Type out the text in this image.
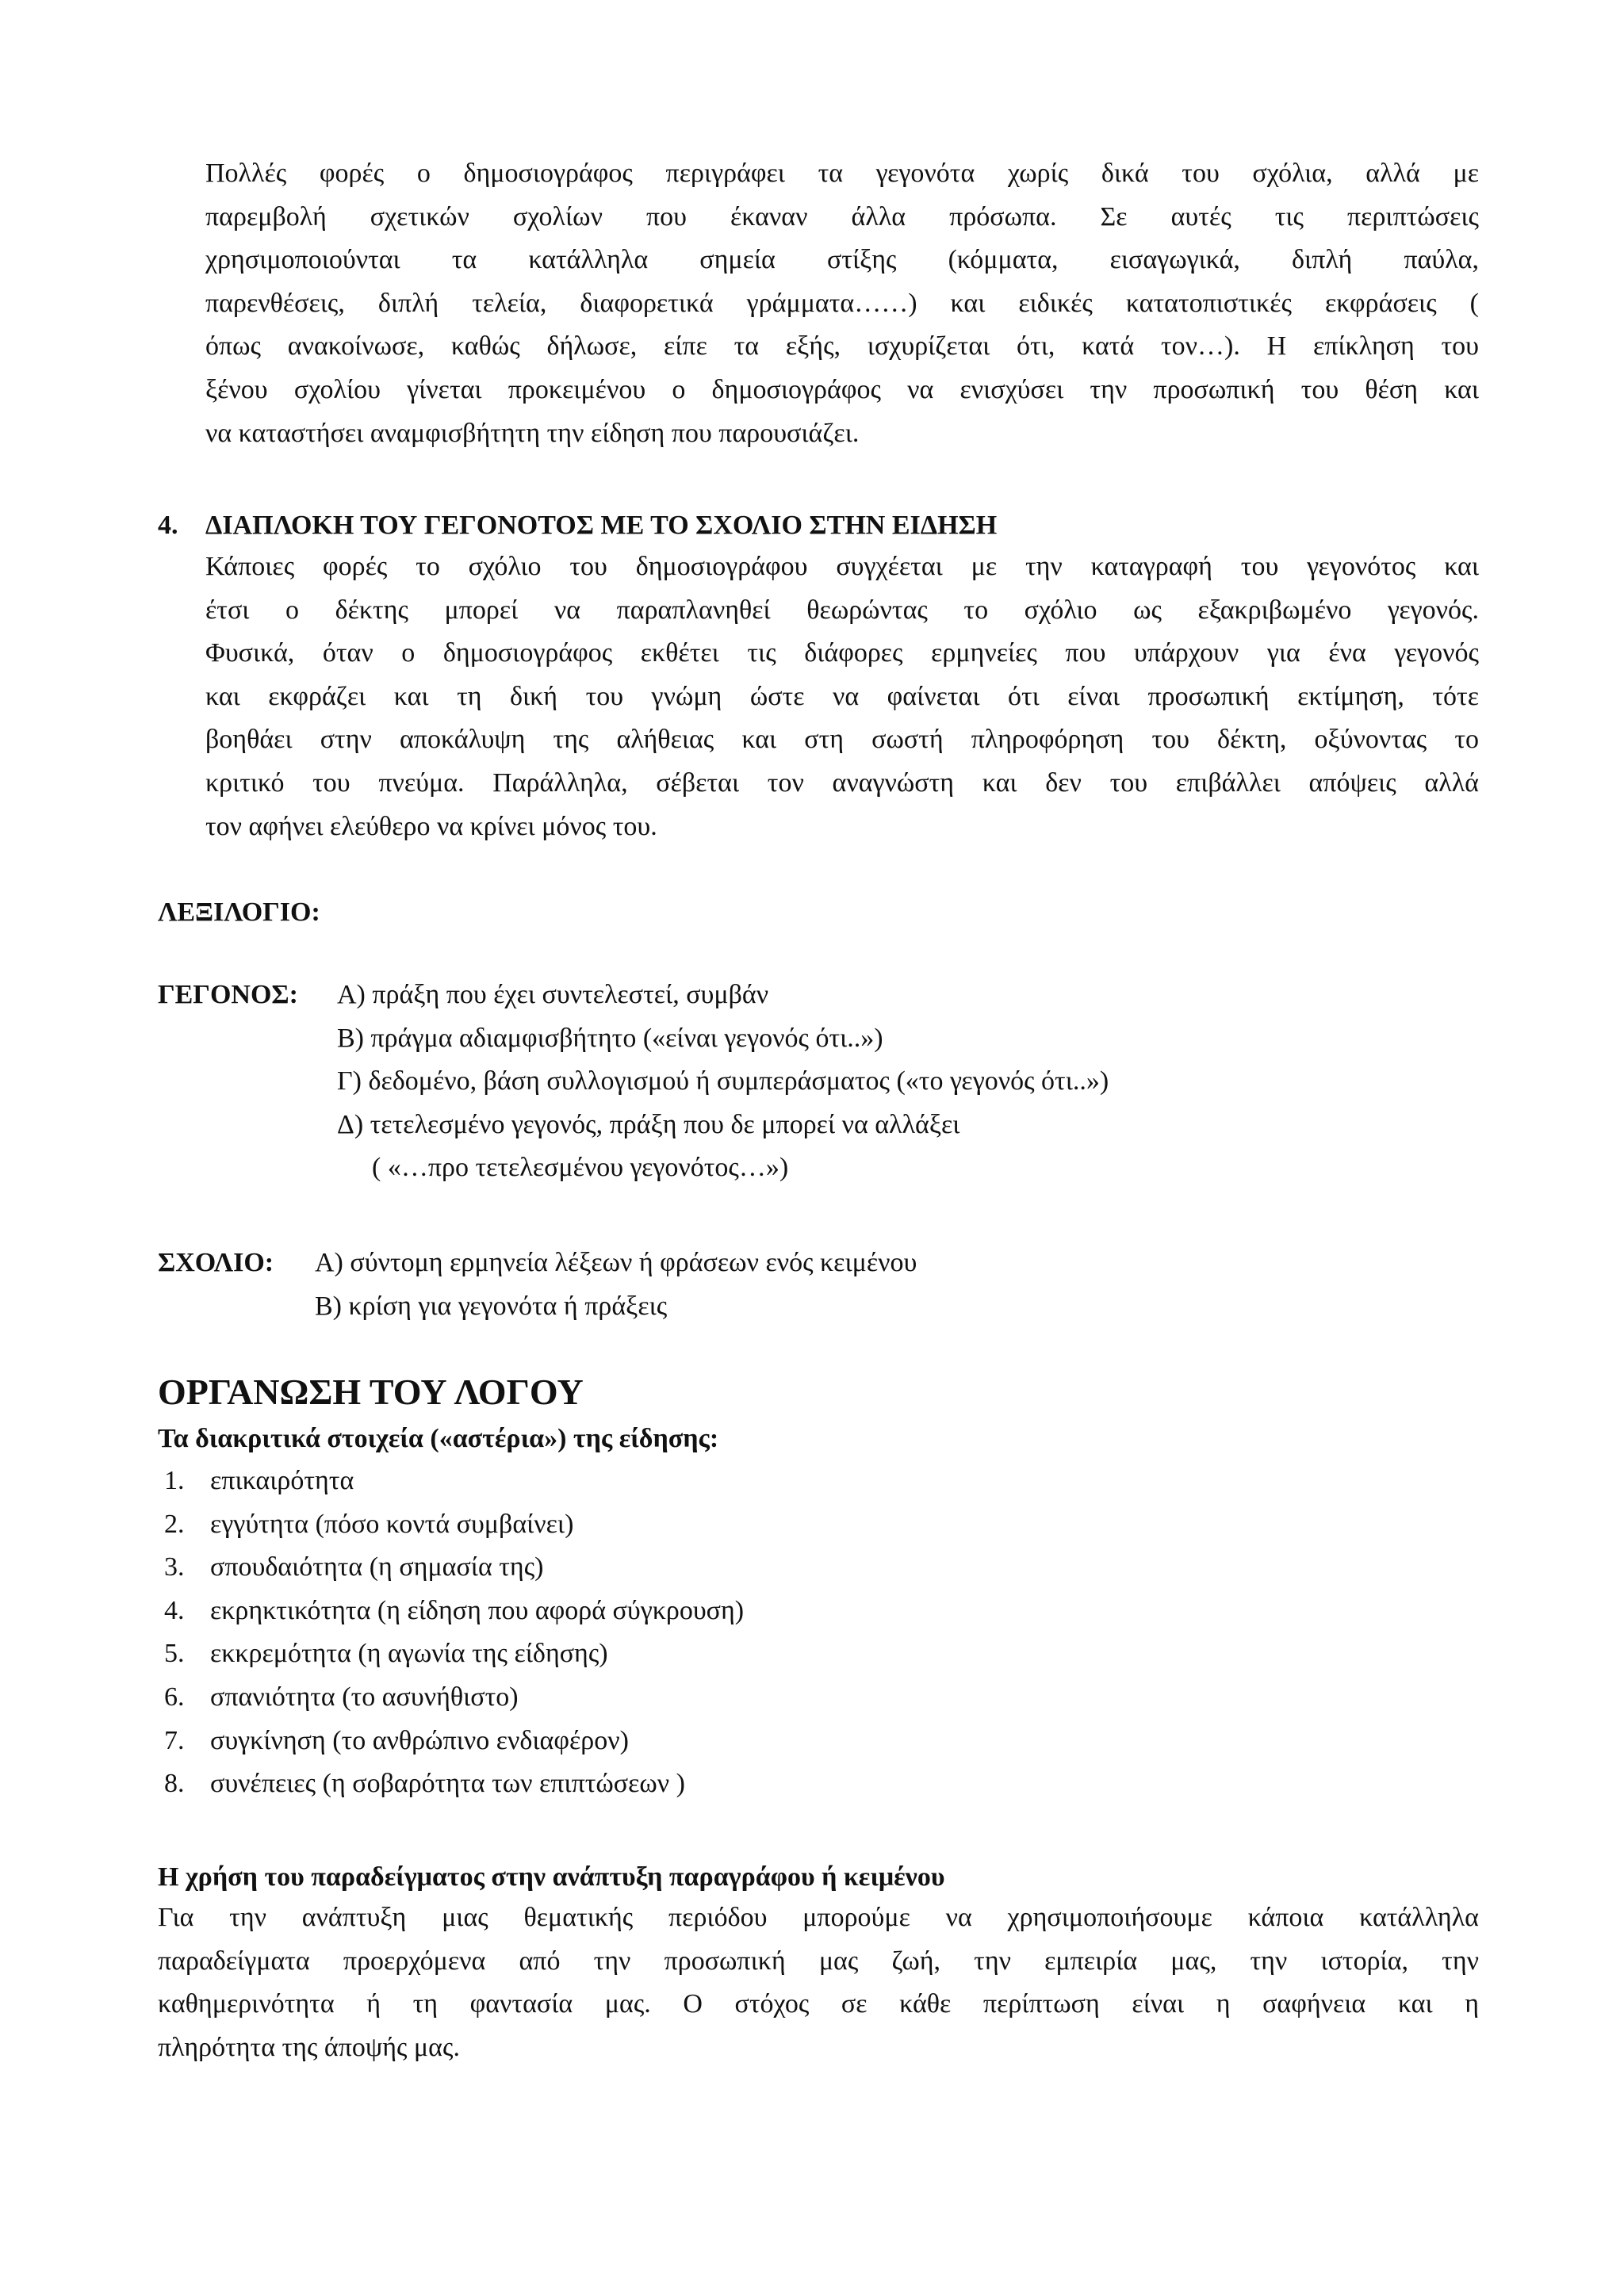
Πολλές φορές ο δημοσιογράφος περιγράφει τα γεγονότα χωρίς δικά του σχόλια, αλλά με
παρεμβολή σχετικών σχολίων που έκαναν άλλα πρόσωπα. Σε αυτές τις περιπτώσεις
χρησιμοποιούνται τα κατάλληλα σημεία στίξης (κόμματα, εισαγωγικά, διπλή παύλα,
παρενθέσεις, διπλή τελεία, διαφορετικά γράμματα……) και ειδικές κατατοπιστικές εκφράσεις (
όπως ανακοίνωσε, καθώς δήλωσε, είπε τα εξής, ισχυρίζεται ότι, κατά τον…). Η επίκληση του
ξένου σχολίου γίνεται προκειμένου ο δημοσιογράφος να ενισχύσει την προσωπική του θέση και
να καταστήσει αναμφισβήτητη την είδηση που παρουσιάζει.
4. ΔΙΑΠΛΟΚΗ ΤΟΥ ΓΕΓΟΝΟΤΟΣ ΜΕ ΤΟ ΣΧΟΛΙΟ ΣΤΗΝ ΕΙΔΗΣΗ
Κάποιες φορές το σχόλιο του δημοσιογράφου συγχέεται με την καταγραφή του γεγονότος και
έτσι ο δέκτης μπορεί να παραπλανηθεί θεωρώντας το σχόλιο ως εξακριβωμένο γεγονός.
Φυσικά, όταν ο δημοσιογράφος εκθέτει τις διάφορες ερμηνείες που υπάρχουν για ένα γεγονός
και εκφράζει και τη δική του γνώμη ώστε να φαίνεται ότι είναι προσωπική εκτίμηση, τότε
βοηθάει στην αποκάλυψη της αλήθειας και στη σωστή πληροφόρηση του δέκτη, οξύνοντας το
κριτικό του πνεύμα. Παράλληλα, σέβεται τον αναγνώστη και δεν του επιβάλλει απόψεις αλλά
τον αφήνει ελεύθερο να κρίνει μόνος του.
ΛΕΞΙΛΟΓΙΟ:
ΓΕΓΟΝΟΣ: Α) πράξη που έχει συντελεστεί, συμβάν
Β) πράγμα αδιαμφισβήτητο («είναι γεγονός ότι..»)
Γ) δεδομένο, βάση συλλογισμού ή συμπεράσματος («το γεγονός ότι..»)
Δ) τετελεσμένο γεγονός, πράξη που δε μπορεί να αλλάξει
( «…προ τετελεσμένου γεγονότος…»)
ΣΧΟΛΙΟ: Α) σύντομη ερμηνεία λέξεων ή φράσεων ενός κειμένου
Β) κρίση για γεγονότα ή πράξεις
ΟΡΓΑΝΩΣΗ ΤΟΥ ΛΟΓΟΥ
Τα διακριτικά στοιχεία («αστέρια») της είδησης:
1. επικαιρότητα
2. εγγύτητα (πόσο κοντά συμβαίνει)
3. σπουδαιότητα (η σημασία της)
4. εκρηκτικότητα (η είδηση που αφορά σύγκρουση)
5. εκκρεμότητα (η αγωνία της είδησης)
6. σπανιότητα (το ασυνήθιστο)
7. συγκίνηση (το ανθρώπινο ενδιαφέρον)
8. συνέπειες (η σοβαρότητα των επιπτώσεων )
Η χρήση του παραδείγματος στην ανάπτυξη παραγράφου ή κειμένου
Για την ανάπτυξη μιας θεματικής περιόδου μπορούμε να χρησιμοποιήσουμε κάποια κατάλληλα
παραδείγματα προερχόμενα από την προσωπική μας ζωή, την εμπειρία μας, την ιστορία, την
καθημερινότητα ή τη φαντασία μας. Ο στόχος σε κάθε περίπτωση είναι η σαφήνεια και η
πληρότητα της άποψής μας.
